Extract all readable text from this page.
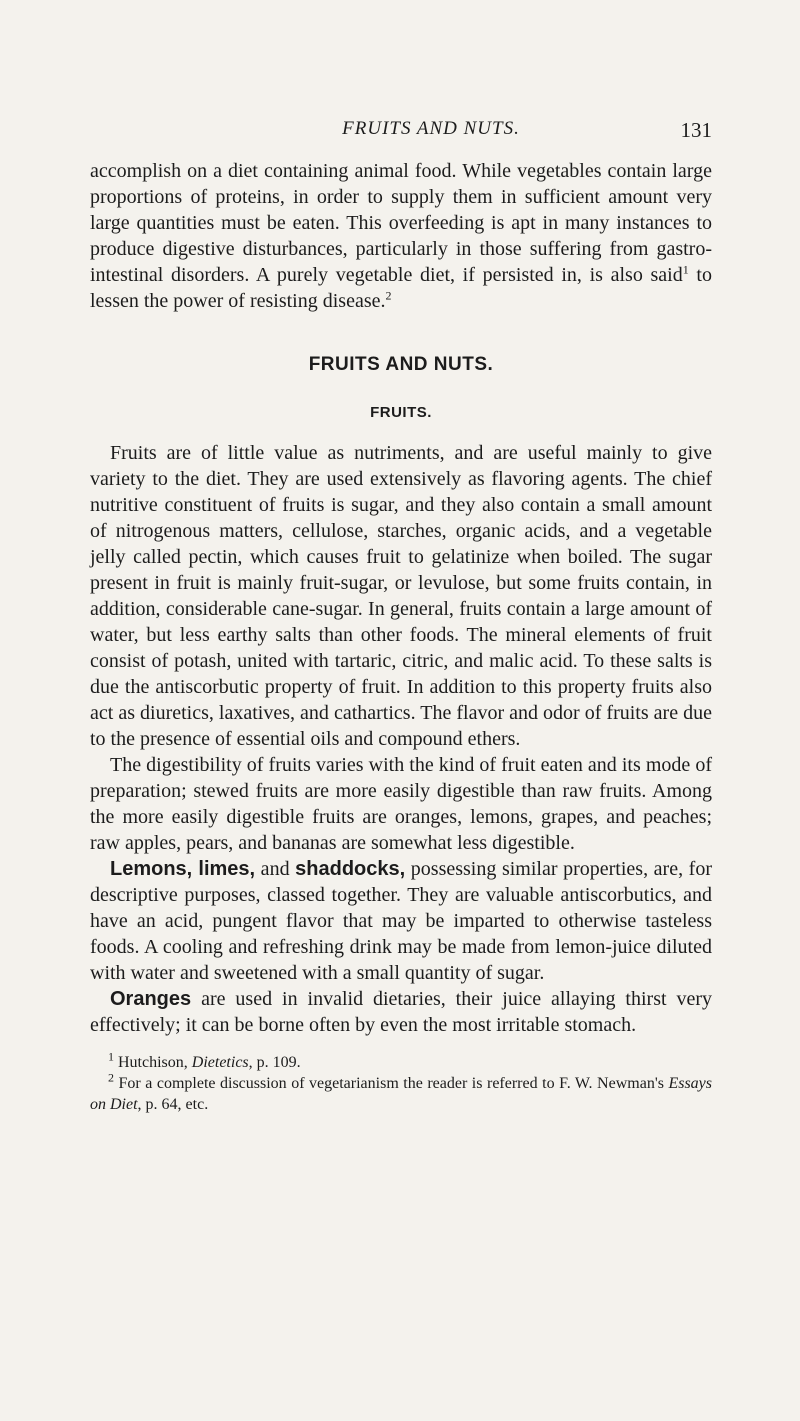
FRUITS AND NUTS.	131

accomplish on a diet containing animal food. While vegetables contain large proportions of proteins, in order to supply them in sufficient amount very large quantities must be eaten. This overfeeding is apt in many instances to produce digestive disturbances, particularly in those suffering from gastro-intestinal disorders. A purely vegetable diet, if persisted in, is also said$^1$ to lessen the power of resisting disease.$^2$

FRUITS AND NUTS.
FRUITS.

Fruits are of little value as nutriments, and are useful mainly to give variety to the diet. They are used extensively as flavoring agents. The chief nutritive constituent of fruits is sugar, and they also contain a small amount of nitrogenous matters, cellulose, starches, organic acids, and a vegetable jelly called pectin, which causes fruit to gelatinize when boiled. The sugar present in fruit is mainly fruit-sugar, or levulose, but some fruits contain, in addition, considerable cane-sugar. In general, fruits contain a large amount of water, but less earthy salts than other foods. The mineral elements of fruit consist of potash, united with tartaric, citric, and malic acid. To these salts is due the antiscorbutic property of fruit. In addition to this property fruits also act as diuretics, laxatives, and cathartics. The flavor and odor of fruits are due to the presence of essential oils and compound ethers.

The digestibility of fruits varies with the kind of fruit eaten and its mode of preparation; stewed fruits are more easily digestible than raw fruits. Among the more easily digestible fruits are oranges, lemons, grapes, and peaches; raw apples, pears, and bananas are somewhat less digestible.

Lemons, limes, and shaddocks, possessing similar properties, are, for descriptive purposes, classed together. They are valuable antiscorbutics, and have an acid, pungent flavor that may be imparted to otherwise tasteless foods. A cooling and refreshing drink may be made from lemon-juice diluted with water and sweetened with a small quantity of sugar.

Oranges are used in invalid dietaries, their juice allaying thirst very effectively; it can be borne often by even the most irritable stomach.

$^1$ Hutchison, Dietetics, p. 109.

$^2$ For a complete discussion of vegetarianism the reader is referred to F. W. Newman's Essays on Diet, p. 64, etc.
